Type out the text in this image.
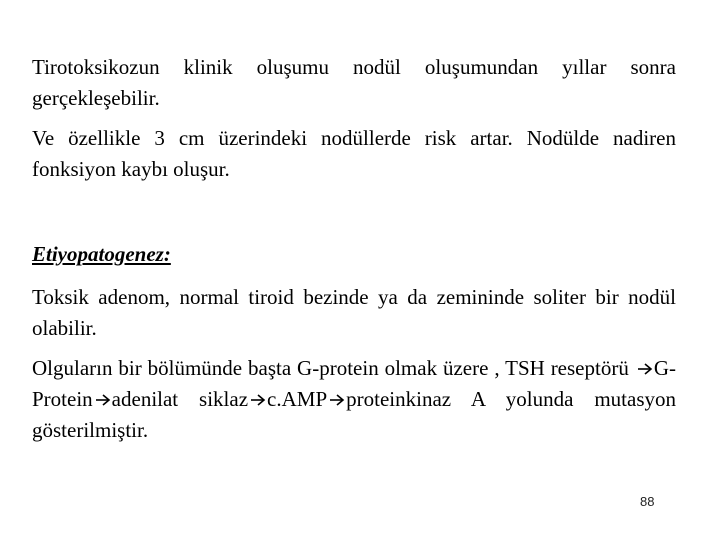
Tirotoksikozun klinik oluşumu nodül oluşumundan yıllar sonra gerçekleşebilir.

Ve özellikle 3 cm üzerindeki nodüllerde risk artar. Nodülde nadiren fonksiyon kaybı oluşur.

Etiyopatogenez:

Toksik adenom, normal tiroid bezinde ya da zemininde soliter bir nodül olabilir.

Olguların bir bölümünde başta G-protein olmak üzere , TSH reseptörü G-Protein adenilat siklaz c.AMP proteinkinaz A yolunda mutasyon gösterilmiştir.

88
